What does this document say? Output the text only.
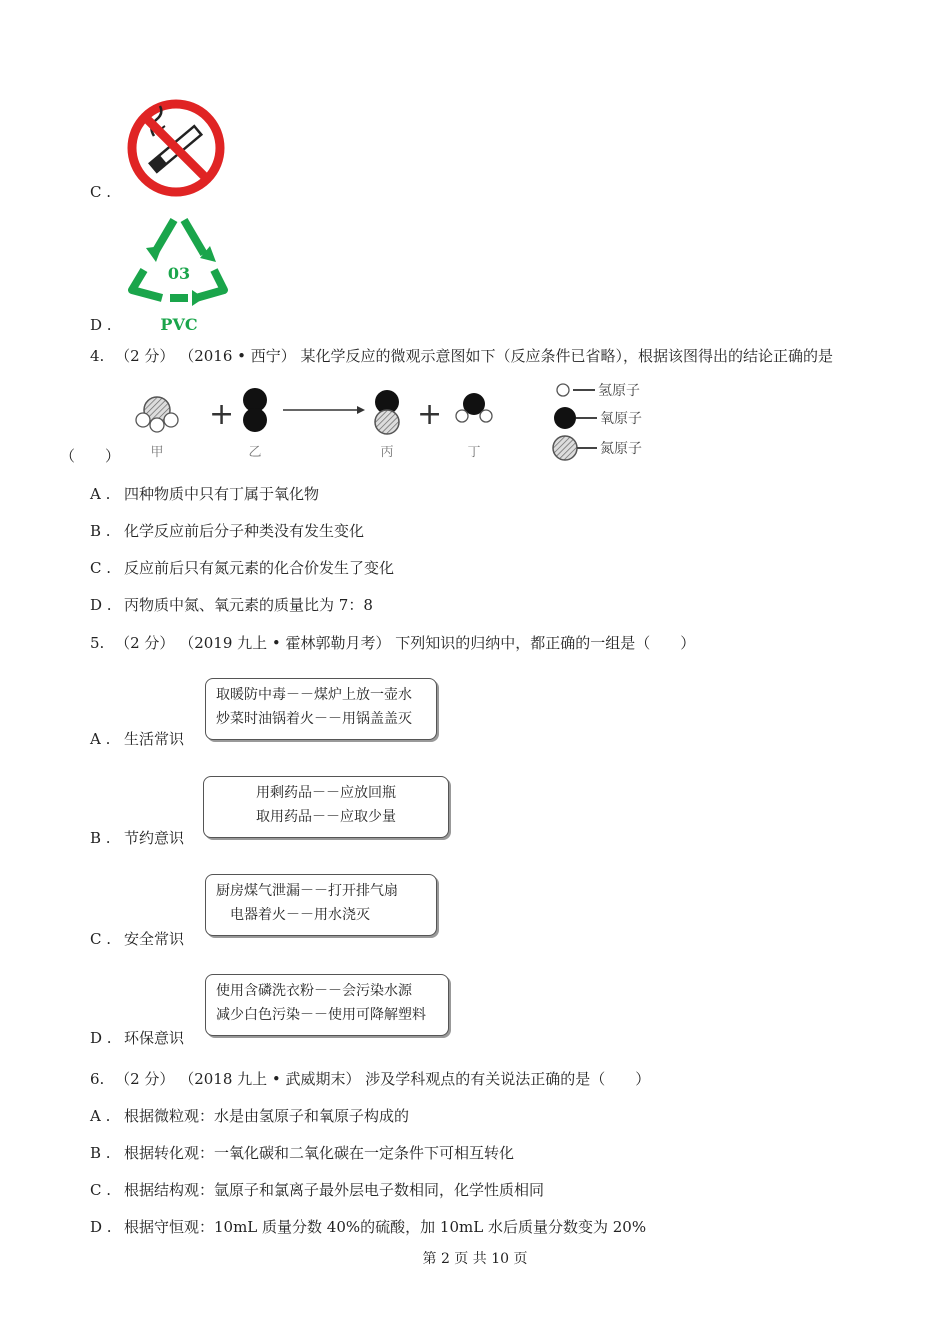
C .
03
PVC
D .
4. （2 分） （2016 • 西宁） 某化学反应的微观示意图如下（反应条件已省略），根据该图得出的结论正确的是
+	+
甲	乙	丙	丁
氢原子
氧原子
氮原子
（　　）
A . 四种物质中只有丁属于氧化物
B . 化学反应前后分子种类没有发生变化
C . 反应前后只有氮元素的化合价发生了变化
D . 丙物质中氮、氧元素的质量比为 7：8
5. （2 分） （2019 九上 • 霍林郭勒月考） 下列知识的归纳中，都正确的一组是（　　）
取暖防中毒－－煤炉上放一壶水
炒菜时油锅着火－－用锅盖盖灭
A . 生活常识
用剩药品－－应放回瓶
取用药品－－应取少量
B . 节约意识
厨房煤气泄漏－－打开排气扇
电器着火－－用水浇灭
C . 安全常识
使用含磷洗衣粉－－会污染水源
减少白色污染－－使用可降解塑料
D . 环保意识
6. （2 分） （2018 九上 • 武威期末） 涉及学科观点的有关说法正确的是（　　）
A . 根据微粒观：水是由氢原子和氧原子构成的
B . 根据转化观：一氧化碳和二氧化碳在一定条件下可相互转化
C . 根据结构观：氩原子和氯离子最外层电子数相同，化学性质相同
D . 根据守恒观：10mL 质量分数 40%的硫酸，加 10mL 水后质量分数变为 20%
第 2 页 共 10 页
